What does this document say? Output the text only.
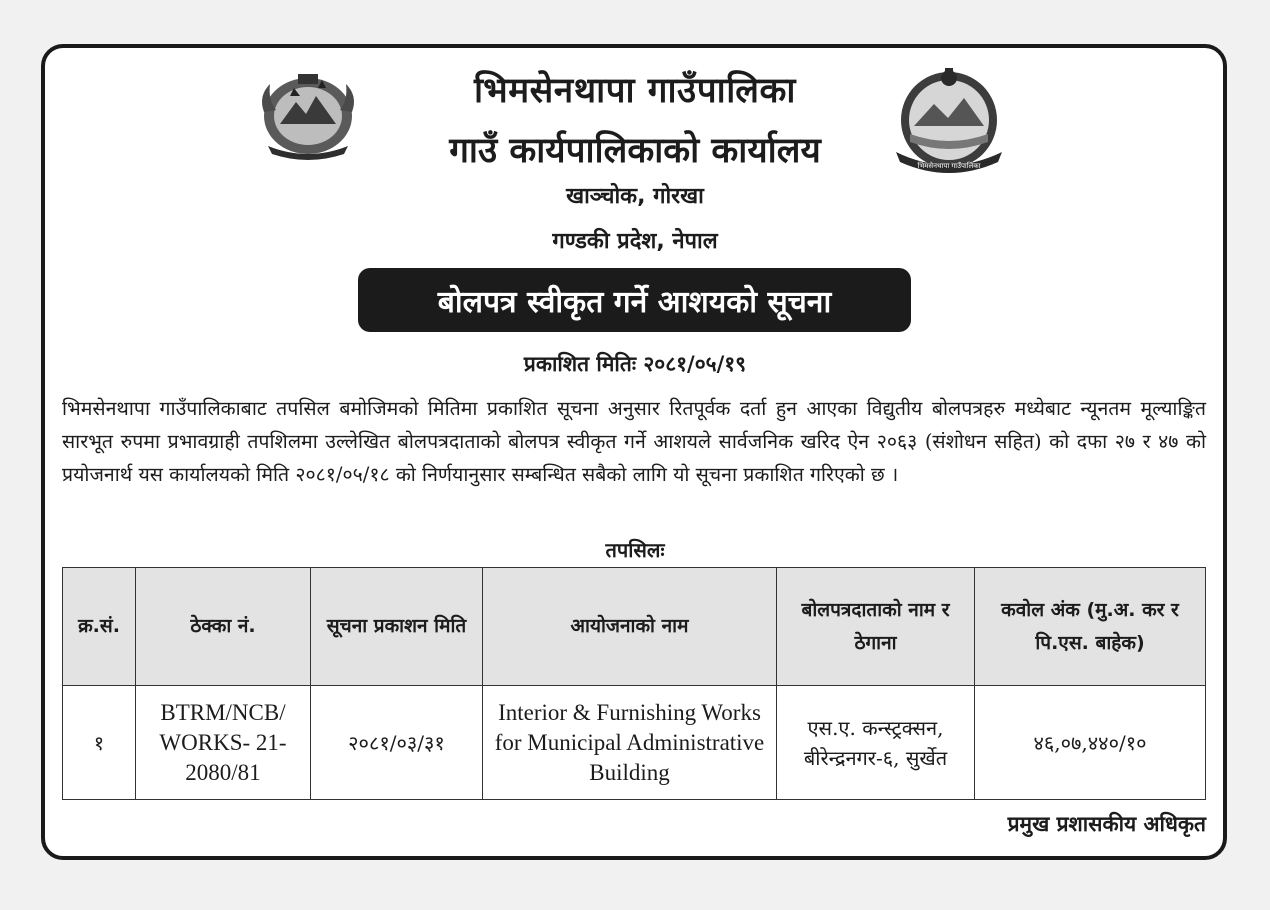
भिमसेनथापा गाउँपालिका
भिमसेनथापा गाउँपालिका
गाउँ कार्यपालिकाको कार्यालय
खाञ्चोक, गोरखा
गण्डकी प्रदेश, नेपाल
बोलपत्र स्वीकृत गर्ने आशयको सूचना
प्रकाशित मितिः २०८१/०५/१९
भिमसेनथापा गाउँपालिकाबाट तपसिल बमोजिमको मितिमा प्रकाशित सूचना अनुसार रितपूर्वक दर्ता हुन आएका विद्युतीय बोलपत्रहरु मध्येबाट न्यूनतम मूल्याङ्कित सारभूत रुपमा प्रभावग्राही तपशिलमा उल्लेखित बोलपत्रदाताको बोलपत्र स्वीकृत गर्ने आशयले सार्वजनिक खरिद ऐन २०६३ (संशोधन सहित) को दफा २७ र ४७ को प्रयोजनार्थ यस कार्यालयको मिति २०८१/०५/१८ को निर्णयानुसार सम्बन्धित सबैको लागि यो सूचना प्रकाशित गरिएको छ ।
तपसिलः
क्र.सं.	ठेक्का नं.	सूचना प्रकाशन मिति	आयोजनाको नाम	बोलपत्रदाताको नाम र ठेगाना	कवोल अंक (मु.अ. कर र पि.एस. बाहेक)
१	BTRM/NCB/ WORKS- 21- 2080/81	२०८१/०३/३१	Interior & Furnishing Works for Municipal Administrative Building	एस.ए. कन्स्ट्रक्सन, बीरेन्द्रनगर-६, सुर्खेत	४६,०७,४४०/१०
प्रमुख प्रशासकीय अधिकृत
